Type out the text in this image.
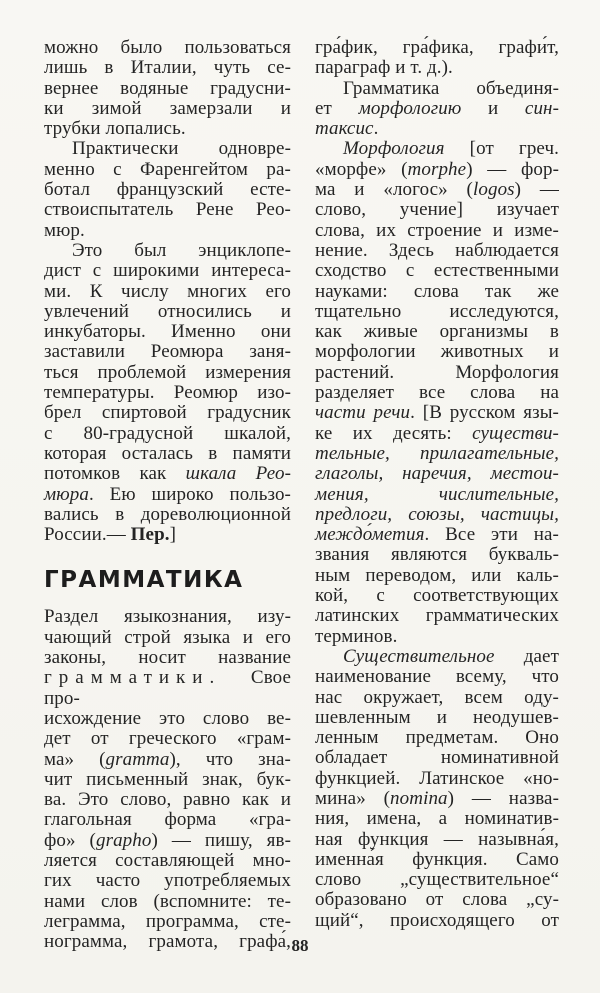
можно было пользоваться
лишь в Италии, чуть се-
вернее водяные градусни-
ки зимой замерзали и
трубки лопались.
Практически одновре-
менно с Фаренгейтом ра-
ботал французский есте-
ствоиспытатель Рене Рео-
мюр.
Это был энциклопе-
дист с широкими интереса-
ми. К числу многих его
увлечений относились и
инкубаторы. Именно они
заставили Реомюра заня-
ться проблемой измерения
температуры. Реомюр изо-
брел спиртовой градусник
с 80-градусной шкалой,
которая осталась в памяти
потомков как шкала Рео-
мюра. Ею широко пользо-
вались в дореволюционной
России.— Пер.]
ГРАММАТИКА
Раздел языкознания, изу-
чающий строй языка и его
законы, носит название
грамматики. Свое про-
исхождение это слово ве-
дет от греческого «грам-
ма» (gramma), что зна-
чит письменный знак, бук-
ва. Это слово, равно как и
глагольная форма «гра-
фо» (grapho) — пишу, яв-
ляется составляющей мно-
гих часто употребляемых
нами слов (вспомните: те-
леграмма, программа, сте-
нограмма, грамота, графа́,
гра́фик, гра́фика, графи́т,
параграф и т. д.).
Грамматика объединя-
ет морфологию и син-
таксис.
Морфология [от греч.
«морфе» (morphe) — фор-
ма и «логос» (logos) —
слово, учение] изучает
слова, их строение и изме-
нение. Здесь наблюдается
сходство с естественными
науками: слова так же
тщательно исследуются,
как живые организмы в
морфологии животных и
растений. Морфология
разделяет все слова на
части речи. [В русском язы-
ке их десять: существи-
тельные, прилагательные,
глаголы, наречия, местои-
мения, числительные,
предлоги, союзы, частицы,
междо́метия. Все эти на-
звания являются букваль-
ным переводом, или каль-
кой, с соответствующих
латинских грамматических
терминов.
Существительное дает
наименование всему, что
нас окружает, всем оду-
шевленным и неодушев-
ленным предметам. Оно
обладает номинативной
функцией. Латинское «но-
мина» (nomina) — назва-
ния, имена, а номинатив-
ная функция — назывна́я,
именна́я функция. Само
слово „существительное“
образовано от слова „су-
щий“, происходящего от
88
